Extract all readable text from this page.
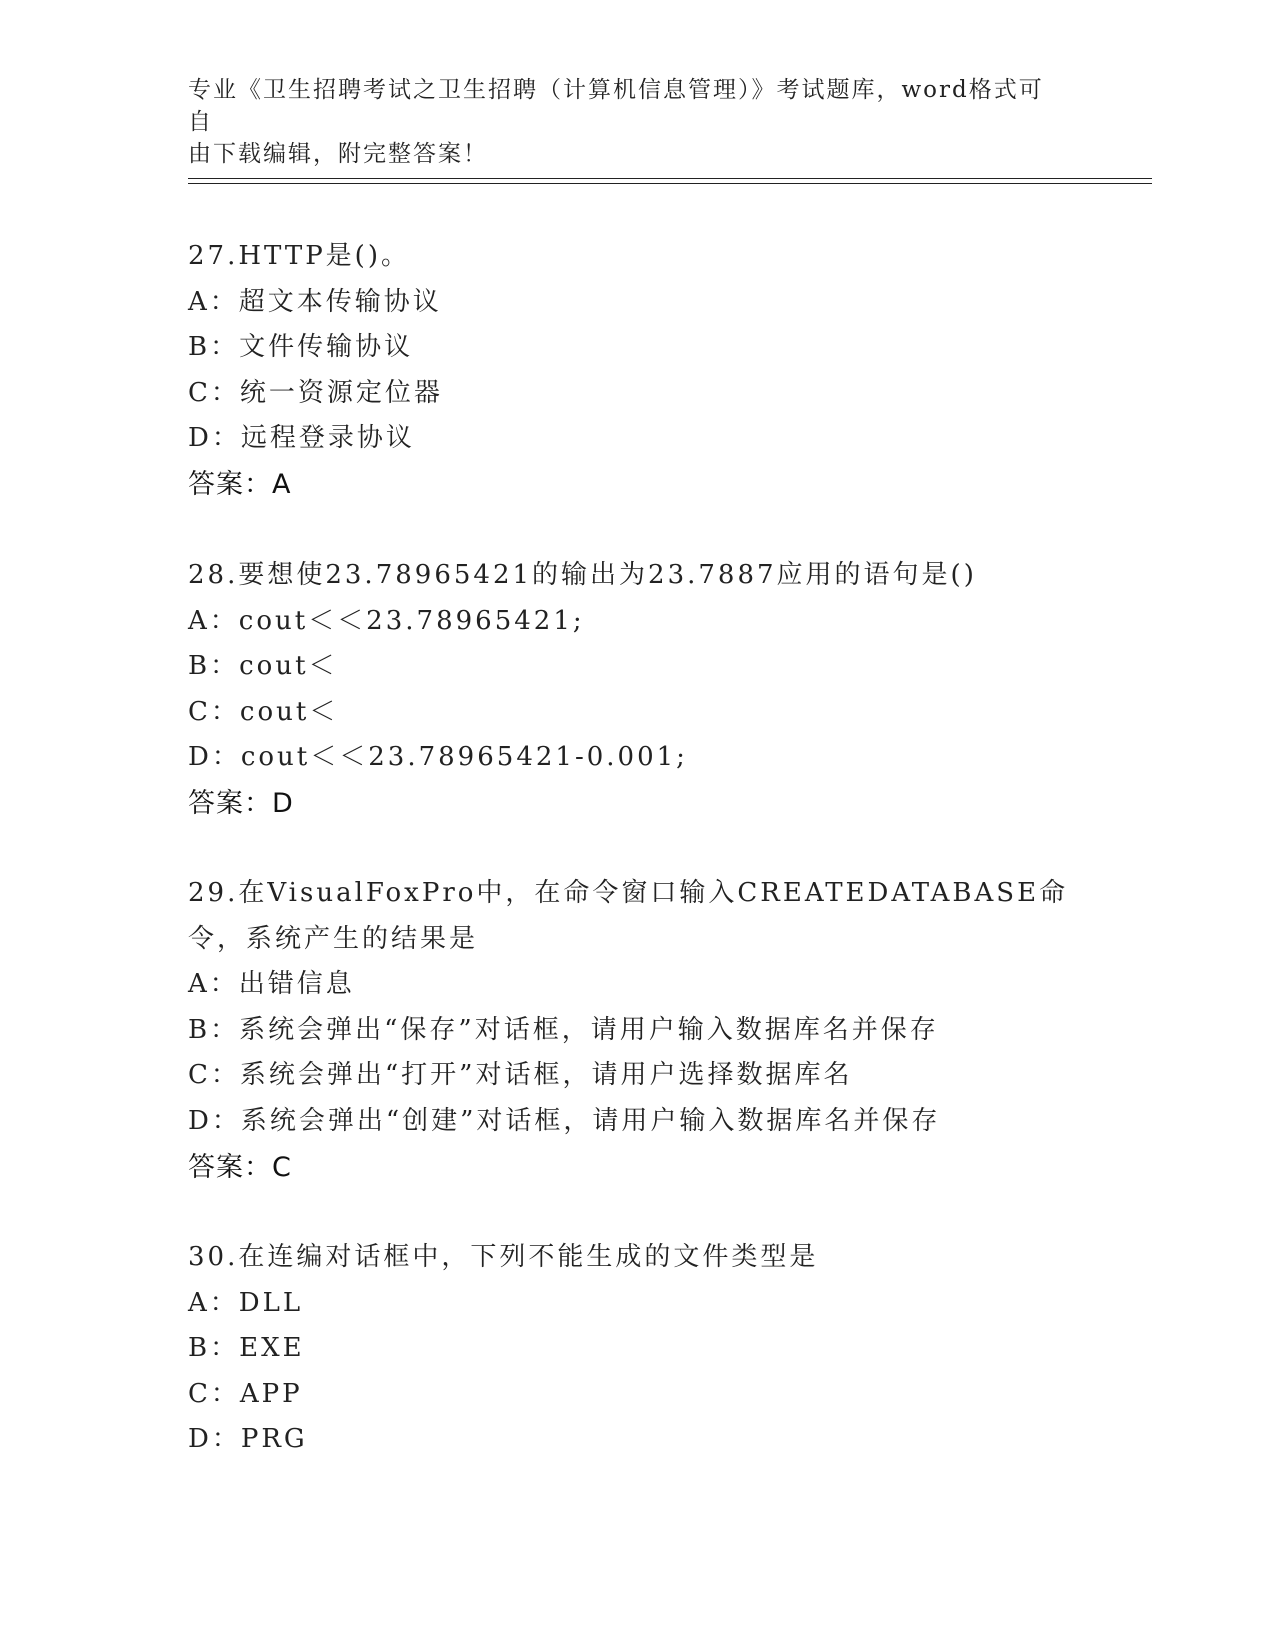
专业《卫生招聘考试之卫生招聘（计算机信息管理）》考试题库，word格式可自
由下载编辑，附完整答案！

27.HTTP是()。

A：超文本传输协议

B：文件传输协议

C：统一资源定位器

D：远程登录协议

答案：A

28.要想使23.78965421的输出为23.7887应用的语句是()

A：cout＜＜23.78965421;

B：cout＜

C：cout＜

D：cout＜＜23.78965421-0.001;

答案：D

29.在VisualFoxPro中，在命令窗口输入CREATEDATABASE命令，系统产生的结果是

A：出错信息

B：系统会弹出“保存”对话框，请用户输入数据库名并保存

C：系统会弹出“打开”对话框，请用户选择数据库名

D：系统会弹出“创建”对话框，请用户输入数据库名并保存

答案：C

30.在连编对话框中，下列不能生成的文件类型是

A：DLL

B：EXE

C：APP

D：PRG
